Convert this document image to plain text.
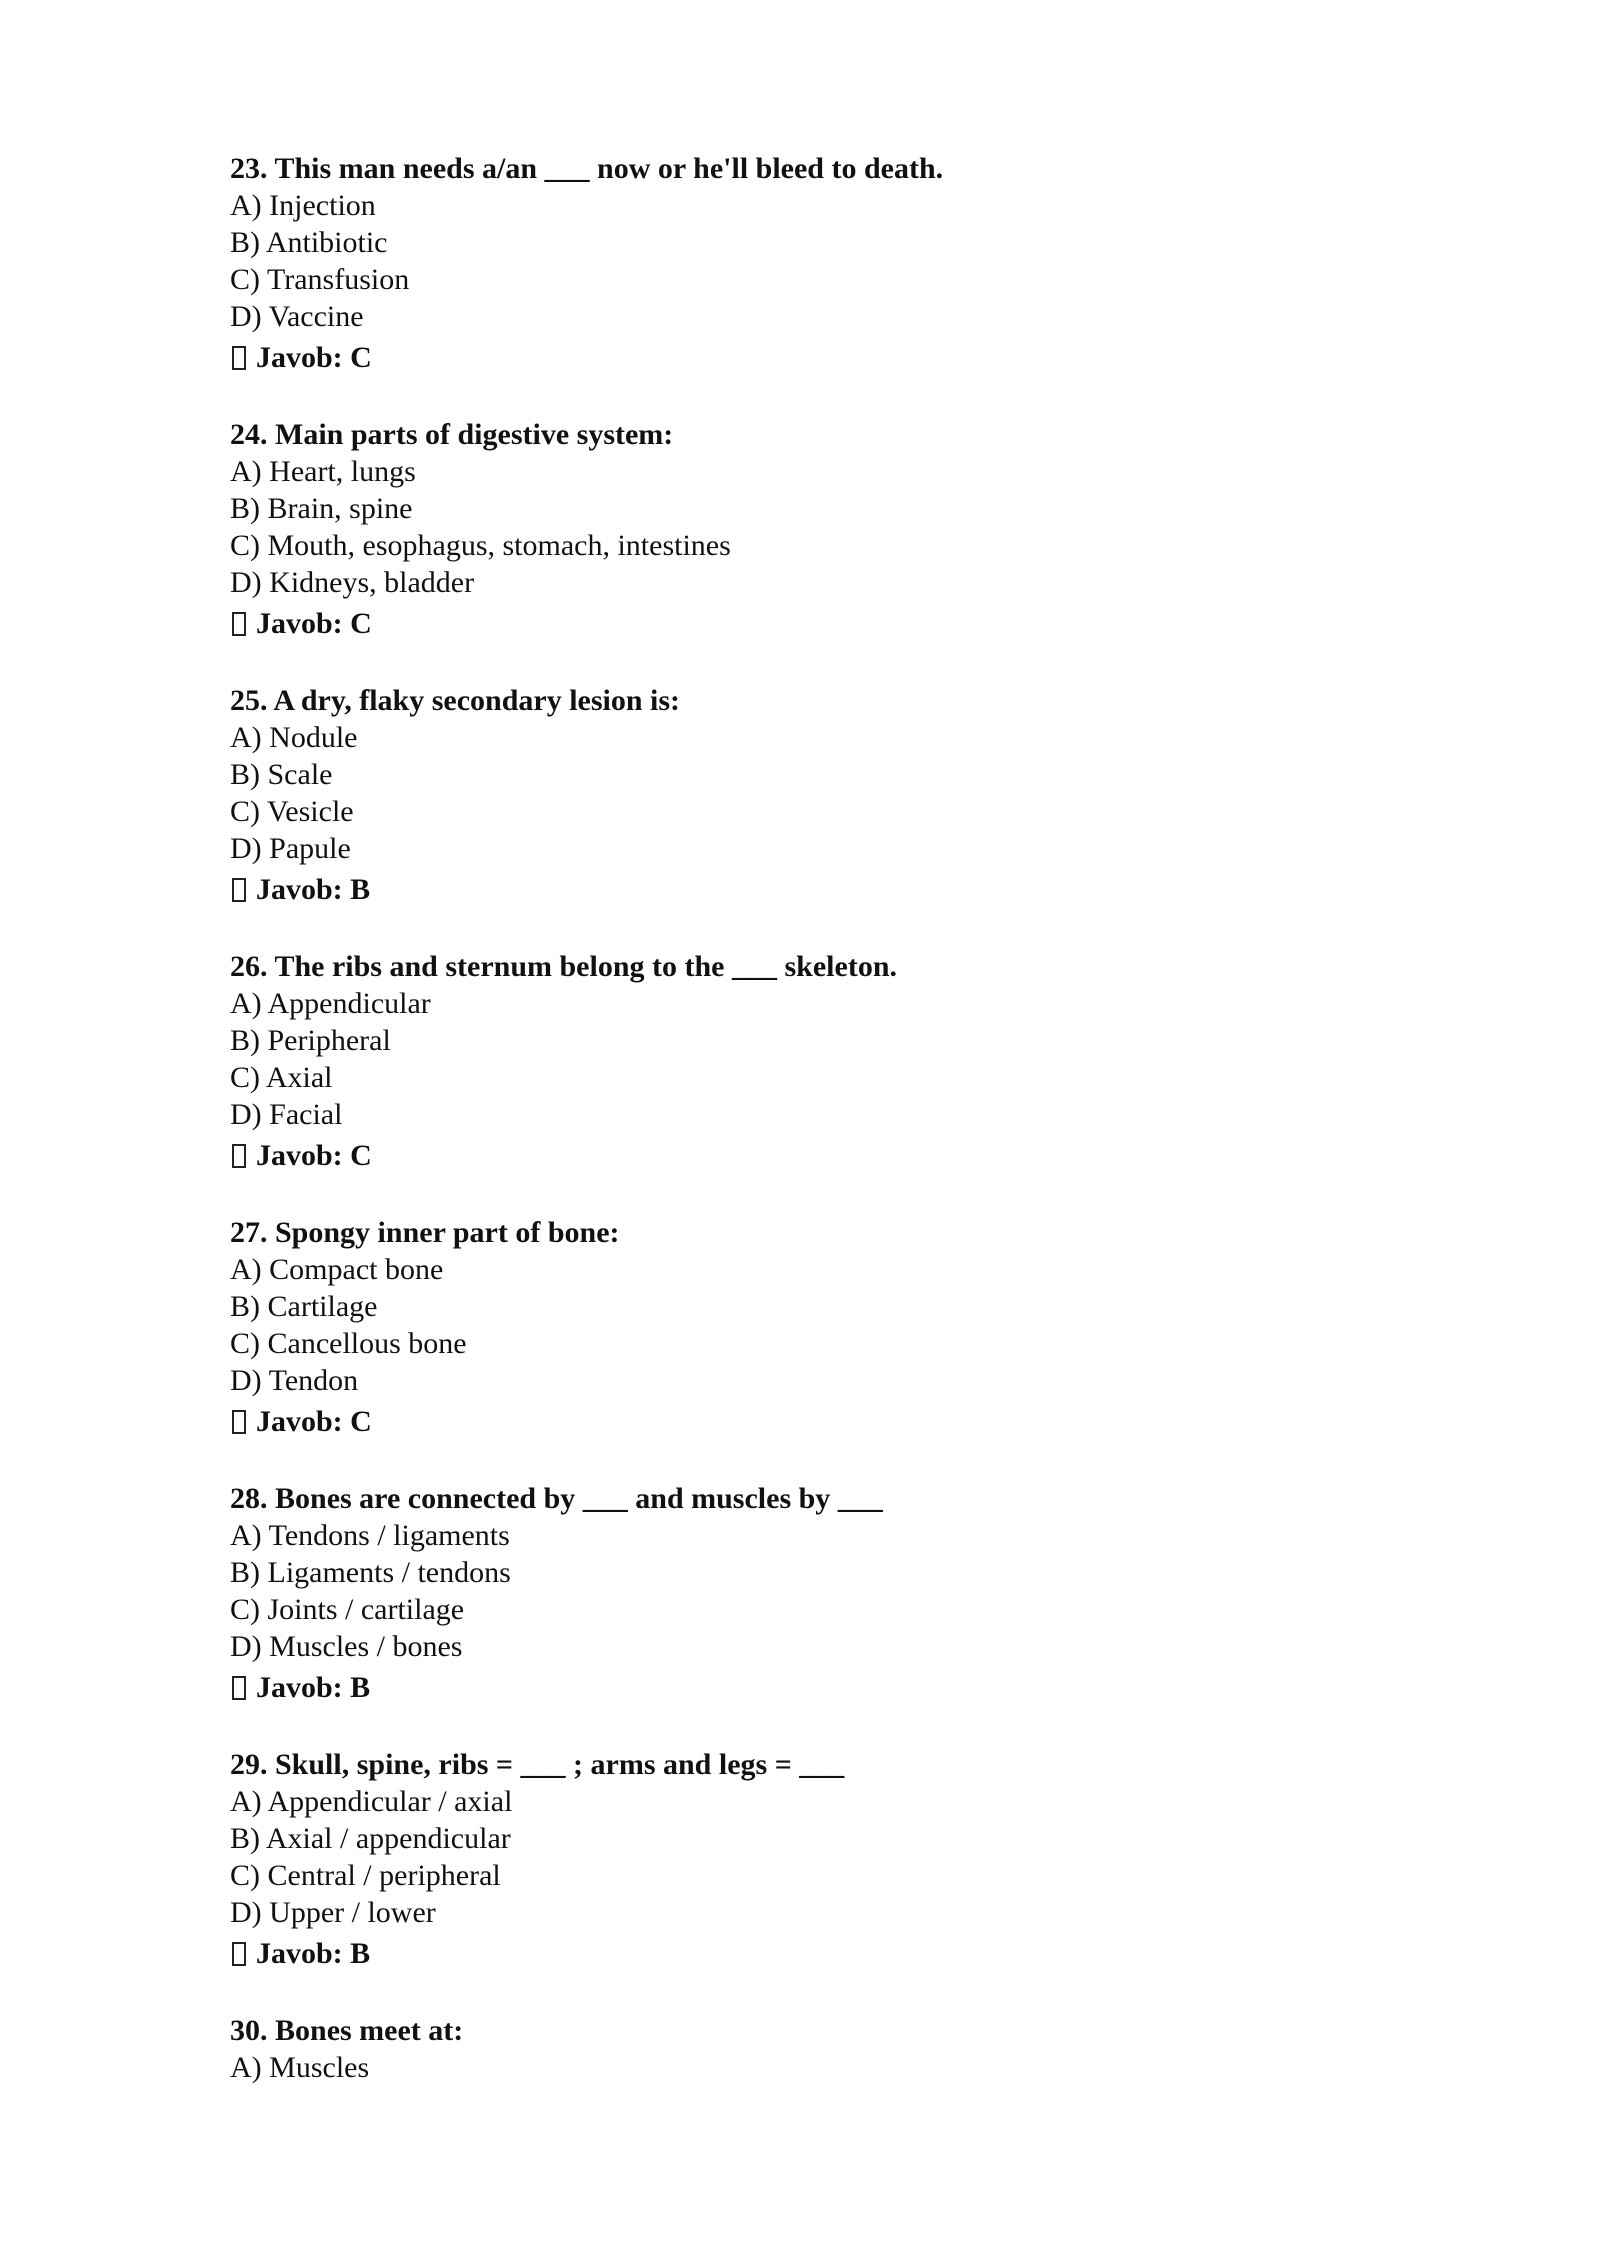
23. This man needs a/an ___ now or he'll bleed to death.
A) Injection
B) Antibiotic
C) Transfusion
D) Vaccine
Javob: C
24. Main parts of digestive system:
A) Heart, lungs
B) Brain, spine
C) Mouth, esophagus, stomach, intestines
D) Kidneys, bladder
Javob: C
25. A dry, flaky secondary lesion is:
A) Nodule
B) Scale
C) Vesicle
D) Papule
Javob: B
26. The ribs and sternum belong to the ___ skeleton.
A) Appendicular
B) Peripheral
C) Axial
D) Facial
Javob: C
27. Spongy inner part of bone:
A) Compact bone
B) Cartilage
C) Cancellous bone
D) Tendon
Javob: C
28. Bones are connected by ___ and muscles by ___
A) Tendons / ligaments
B) Ligaments / tendons
C) Joints / cartilage
D) Muscles / bones
Javob: B
29. Skull, spine, ribs = ___ ; arms and legs = ___
A) Appendicular / axial
B) Axial / appendicular
C) Central / peripheral
D) Upper / lower
Javob: B
30. Bones meet at:
A) Muscles
